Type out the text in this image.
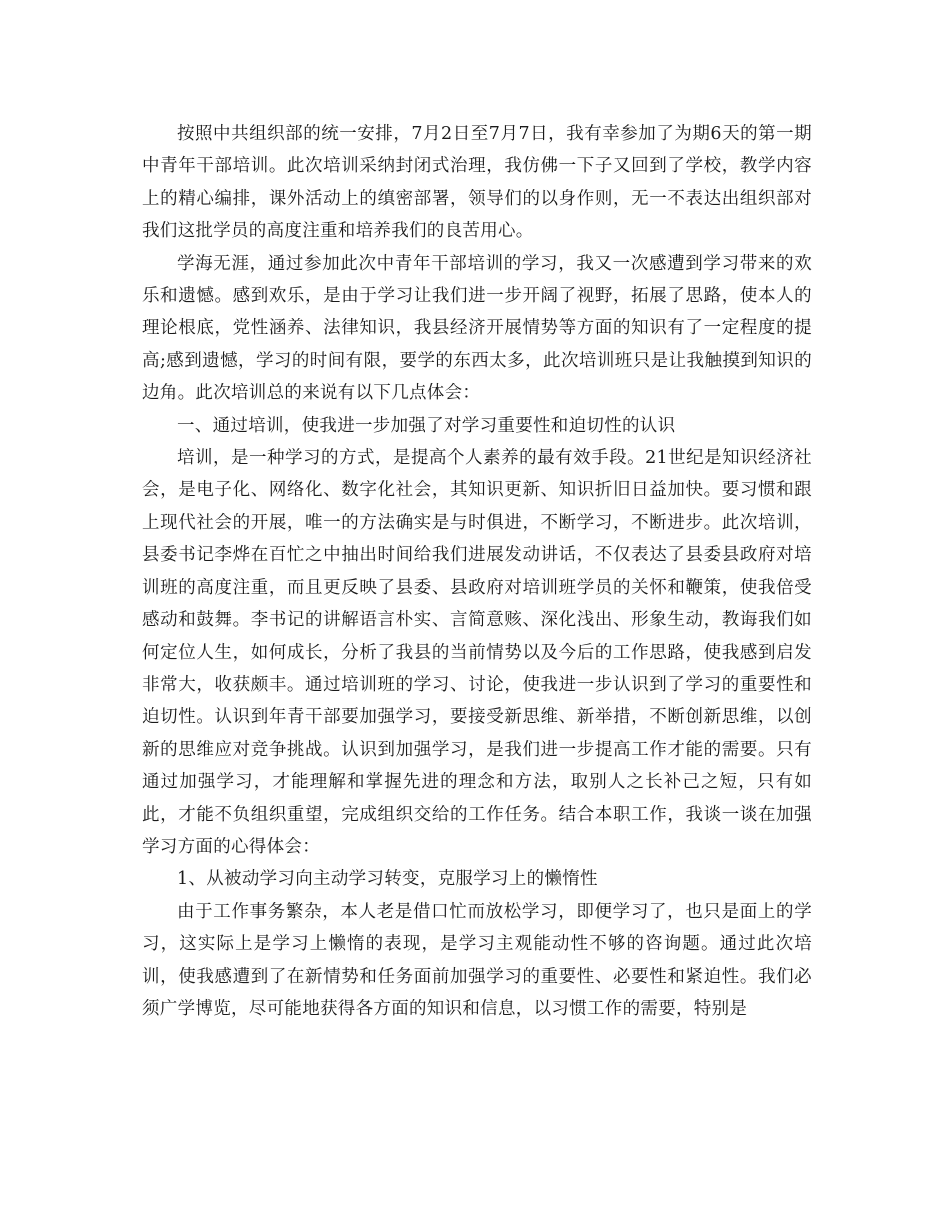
按照中共组织部的统一安排，7月2日至7月7日，我有幸参加了为期6天的第一期中青年干部培训。此次培训采纳封闭式治理，我仿佛一下子又回到了学校，教学内容上的精心编排，课外活动上的缜密部署，领导们的以身作则，无一不表达出组织部对我们这批学员的高度注重和培养我们的良苦用心。

学海无涯，通过参加此次中青年干部培训的学习，我又一次感遭到学习带来的欢乐和遗憾。感到欢乐，是由于学习让我们进一步开阔了视野，拓展了思路，使本人的理论根底，党性涵养、法律知识，我县经济开展情势等方面的知识有了一定程度的提高;感到遗憾，学习的时间有限，要学的东西太多，此次培训班只是让我触摸到知识的边角。此次培训总的来说有以下几点体会：

一、通过培训，使我进一步加强了对学习重要性和迫切性的认识

培训，是一种学习的方式，是提高个人素养的最有效手段。21世纪是知识经济社会，是电子化、网络化、数字化社会，其知识更新、知识折旧日益加快。要习惯和跟上现代社会的开展，唯一的方法确实是与时俱进，不断学习，不断进步。此次培训，县委书记李烨在百忙之中抽出时间给我们进展发动讲话，不仅表达了县委县政府对培训班的高度注重，而且更反映了县委、县政府对培训班学员的关怀和鞭策，使我倍受感动和鼓舞。李书记的讲解语言朴实、言简意赅、深化浅出、形象生动，教诲我们如何定位人生，如何成长，分析了我县的当前情势以及今后的工作思路，使我感到启发非常大，收获颇丰。通过培训班的学习、讨论，使我进一步认识到了学习的重要性和迫切性。认识到年青干部要加强学习，要接受新思维、新举措，不断创新思维，以创新的思维应对竞争挑战。认识到加强学习，是我们进一步提高工作才能的需要。只有通过加强学习，才能理解和掌握先进的理念和方法，取别人之长补己之短，只有如此，才能不负组织重望，完成组织交给的工作任务。结合本职工作，我谈一谈在加强学习方面的心得体会：

1、从被动学习向主动学习转变，克服学习上的懒惰性

由于工作事务繁杂，本人老是借口忙而放松学习，即便学习了，也只是面上的学习，这实际上是学习上懒惰的表现，是学习主观能动性不够的咨询题。通过此次培训，使我感遭到了在新情势和任务面前加强学习的重要性、必要性和紧迫性。我们必须广学博览，尽可能地获得各方面的知识和信息，以习惯工作的需要，特别是
